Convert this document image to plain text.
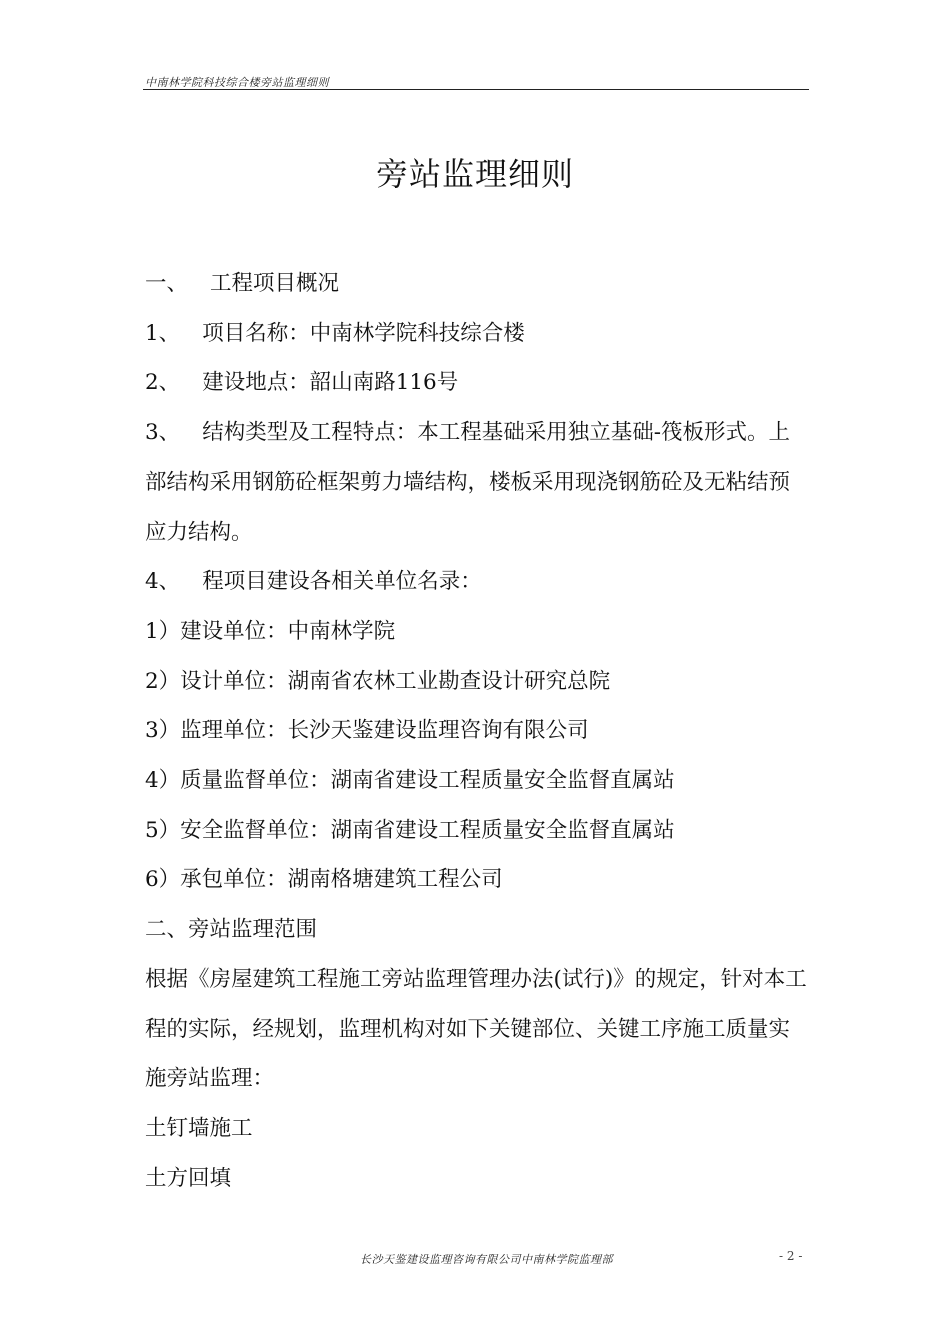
中南林学院科技综合楼旁站监理细则
旁站监理细则

一、 工程项目概况

1、 项目名称：中南林学院科技综合楼

2、 建设地点：韶山南路116号

3、 结构类型及工程特点：本工程基础采用独立基础-筏板形式。上部结构采用钢筋砼框架剪力墙结构，楼板采用现浇钢筋砼及无粘结预应力结构。

4、 程项目建设各相关单位名录：

1）建设单位：中南林学院

2）设计单位：湖南省农林工业勘查设计研究总院

3）监理单位：长沙天鉴建设监理咨询有限公司

4）质量监督单位：湖南省建设工程质量安全监督直属站

5）安全监督单位：湖南省建设工程质量安全监督直属站

6）承包单位：湖南格塘建筑工程公司

二、旁站监理范围

根据《房屋建筑工程施工旁站监理管理办法(试行)》的规定，针对本工程的实际，经规划，监理机构对如下关键部位、关键工序施工质量实施旁站监理：

土钉墙施工

土方回填

长沙天鉴建设监理咨询有限公司中南林学院监理部	- 2 -
